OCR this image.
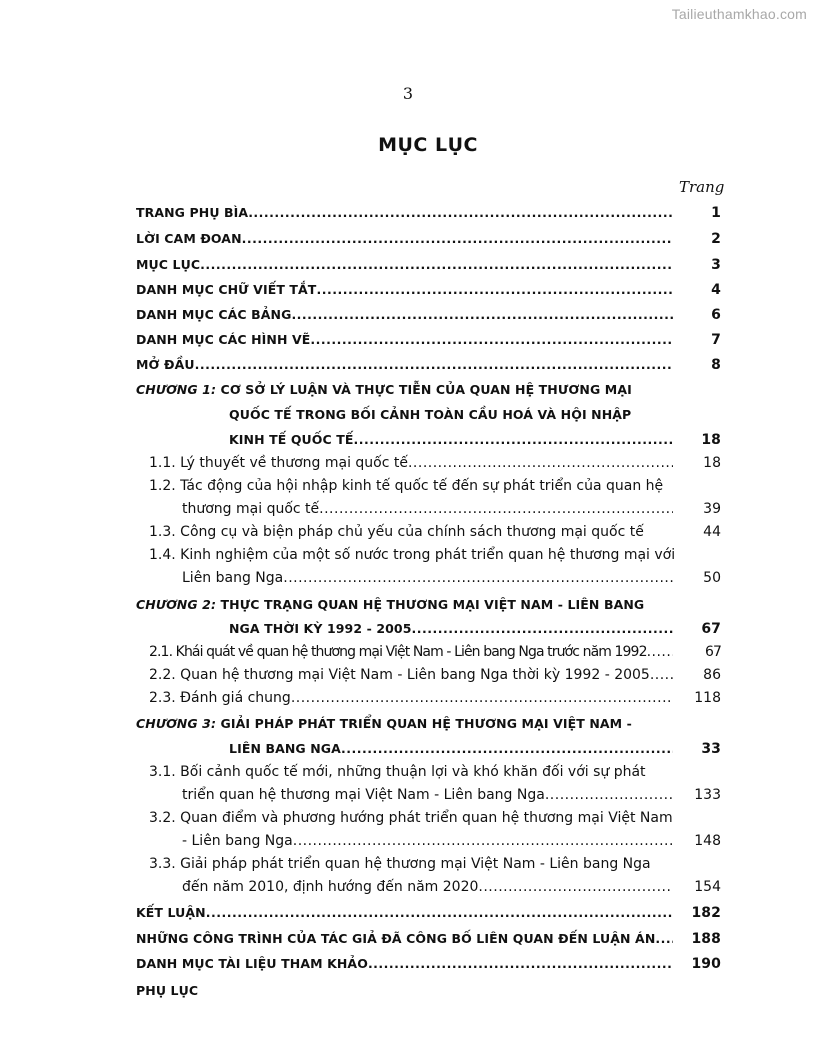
Tailieuthamkhao.com
3
MỤC LỤC
Trang
TRANG PHỤ BÌA .....	1
LỜI CAM ĐOAN .....	2
MỤC LỤC .....	3
DANH MỤC CHỮ VIẾT TẮT .....	4
DANH MỤC CÁC BẢNG .....	6
DANH MỤC CÁC HÌNH VẼ .....	7
MỞ ĐẦU .....	8
CHƯƠNG 1: CƠ SỞ LÝ LUẬN VÀ THỰC TIỄN CỦA QUAN HỆ THƯƠNG MẠI
QUỐC TẾ TRONG BỐI CẢNH TOÀN CẦU HOÁ VÀ HỘI NHẬP
KINH TẾ QUỐC TẾ .....	18
1.1. Lý thuyết về thương mại quốc tế .....	18
1.2. Tác động của hội nhập kinh tế quốc tế đến sự phát triển của quan hệ
thương mại quốc tế .....	39
1.3. Công cụ và biện pháp chủ yếu của chính sách thương mại quốc tế	44
1.4. Kinh nghiệm của một số nước trong phát triển quan hệ thương mại với
Liên bang Nga .....	50
CHƯƠNG 2: THỰC TRẠNG QUAN HỆ THƯƠNG MẠI VIỆT NAM - LIÊN BANG
NGA THỜI KỲ 1992 - 2005 .....	67
2.1. Khái quát về quan hệ thương mại Việt Nam - Liên bang Nga trước năm 1992 .....	67
2.2. Quan hệ thương mại Việt Nam - Liên bang Nga thời kỳ 1992 - 2005 .....	86
2.3. Đánh giá chung .....	118
CHƯƠNG 3: GIẢI PHÁP PHÁT TRIỂN QUAN HỆ THƯƠNG MẠI VIỆT NAM -
LIÊN BANG NGA .....	33
3.1. Bối cảnh quốc tế mới, những thuận lợi và khó khăn đối với sự phát
triển quan hệ thương mại Việt Nam - Liên bang Nga .....	133
3.2. Quan điểm và phương hướng phát triển quan hệ thương mại Việt Nam
- Liên bang Nga .....	148
3.3. Giải pháp phát triển quan hệ thương mại Việt Nam - Liên bang Nga
đến năm 2010, định hướng đến năm 2020 .....	154
KẾT LUẬN .....	182
NHỮNG CÔNG TRÌNH CỦA TÁC GIẢ ĐÃ CÔNG BỐ LIÊN QUAN ĐẾN LUẬN ÁN .....	188
DANH MỤC TÀI LIỆU THAM KHẢO .....	190
PHỤ LỤC
